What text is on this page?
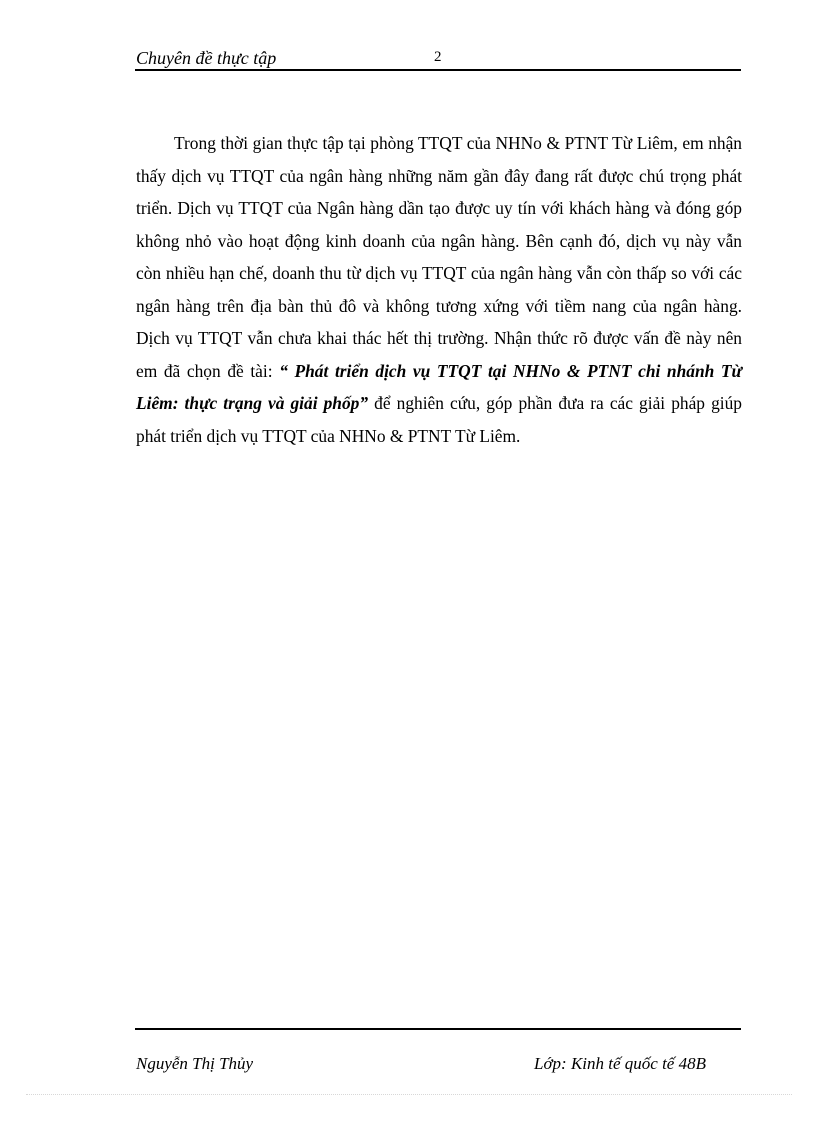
Chuyên đề thực tập	2

Trong thời gian thực tập tại phòng TTQT của NHNo & PTNT Từ Liêm, em nhận thấy dịch vụ TTQT của ngân hàng những năm gần đây đang rất được chú trọng phát triển. Dịch vụ TTQT của Ngân hàng dần tạo được uy tín với khách hàng và đóng góp không nhỏ vào hoạt động kinh doanh của ngân hàng. Bên cạnh đó, dịch vụ này vẫn còn nhiều hạn chế, doanh thu từ dịch vụ TTQT của ngân hàng vẫn còn thấp so với các ngân hàng trên địa bàn thủ đô và không tương xứng với tiềm nang của ngân hàng. Dịch vụ TTQT vẫn chưa khai thác hết thị trường. Nhận thức rõ được vấn đề này nên em đã chọn đề tài: “ Phát triển dịch vụ TTQT tại NHNo & PTNT chi nhánh Từ Liêm: thực trạng và giải phốp” để nghiên cứu, góp phần đưa ra các giải pháp giúp phát triển dịch vụ TTQT của NHNo & PTNT Từ Liêm.

Nguyễn Thị Thủy	Lớp: Kinh tế quốc tế 48B
